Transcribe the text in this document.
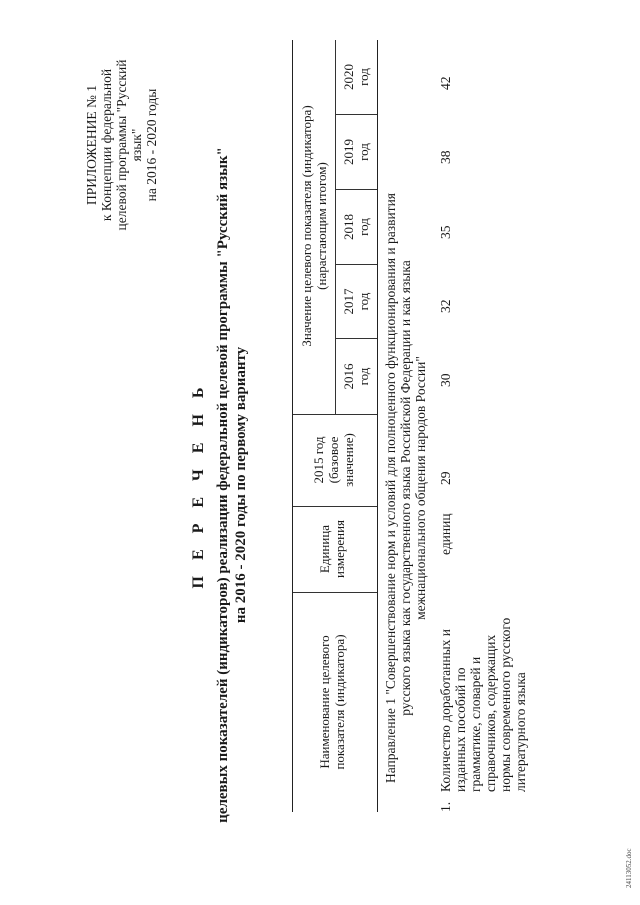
ПРИЛОЖЕНИЕ № 1 к Концепции федеральной целевой программы "Русский язык" на 2016 - 2020 годы
П Е Р Е Ч Е Н Ь целевых показателей (индикаторов) реализации федеральной целевой программы "Русский язык" на 2016 - 2020 годы по первому варианту
Наименование целевого показателя (индикатора)
Единица измерения
2015 год (базовое значение)
Значение целевого показателя (индикатора) (нарастающим итогом)
2016 год
2017 год
2018 год
2019 год
2020 год
Направление 1 "Совершенствование норм и условий для полноценного функционирования и развития русского языка как государственного языка Российской Федерации и как языка межнационального общения народов России"
1.
Количество доработанных и изданных пособий по грамматике, словарей и справочников, содержащих нормы современного русского литературного языка
единиц
29
30
32
35
38
42
24113052.doc
